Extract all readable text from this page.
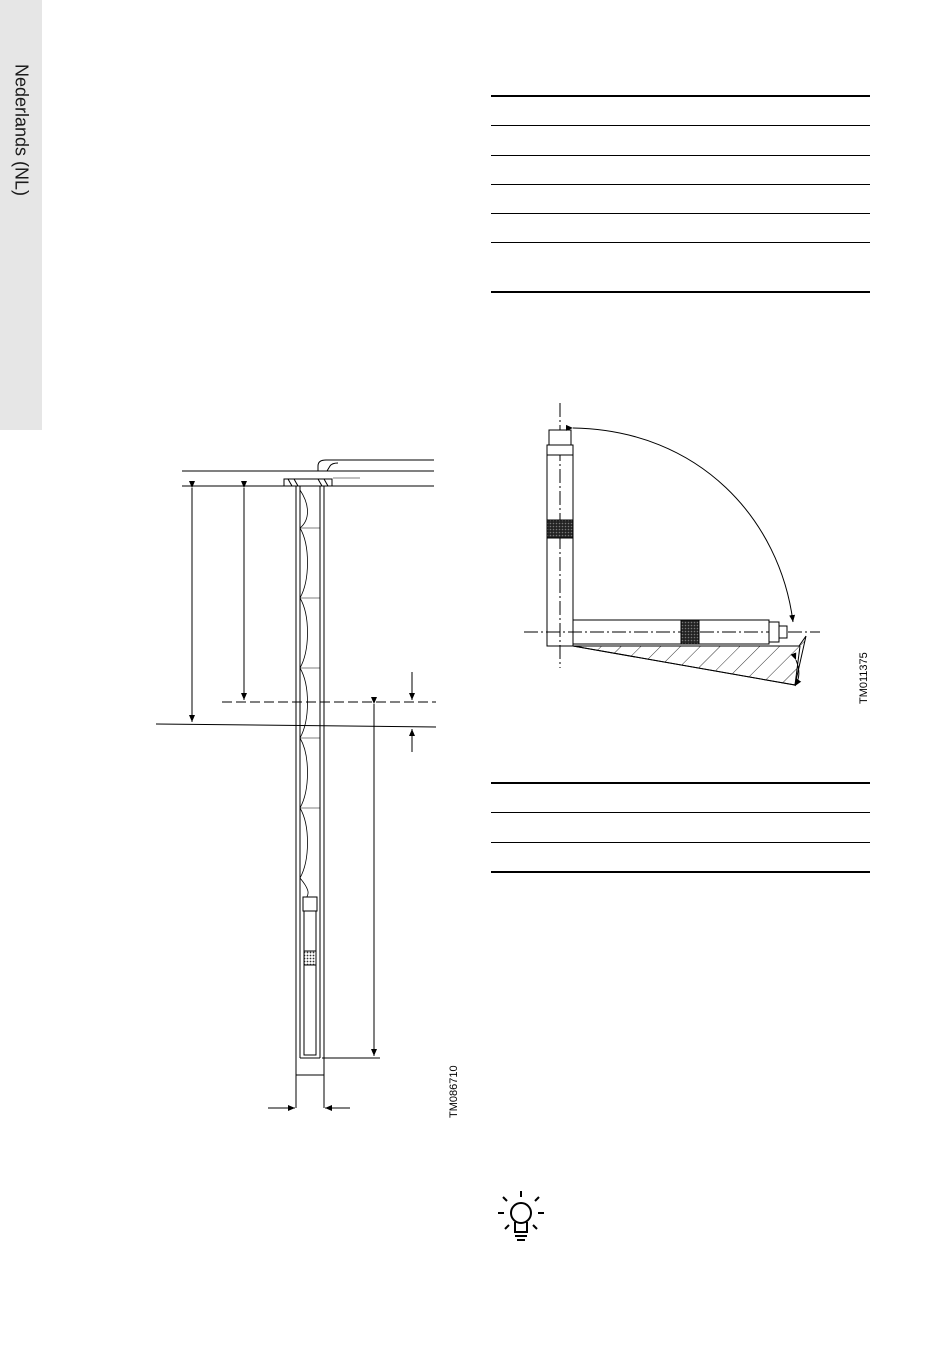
Nederlands (NL)
TM086710
TM011375
